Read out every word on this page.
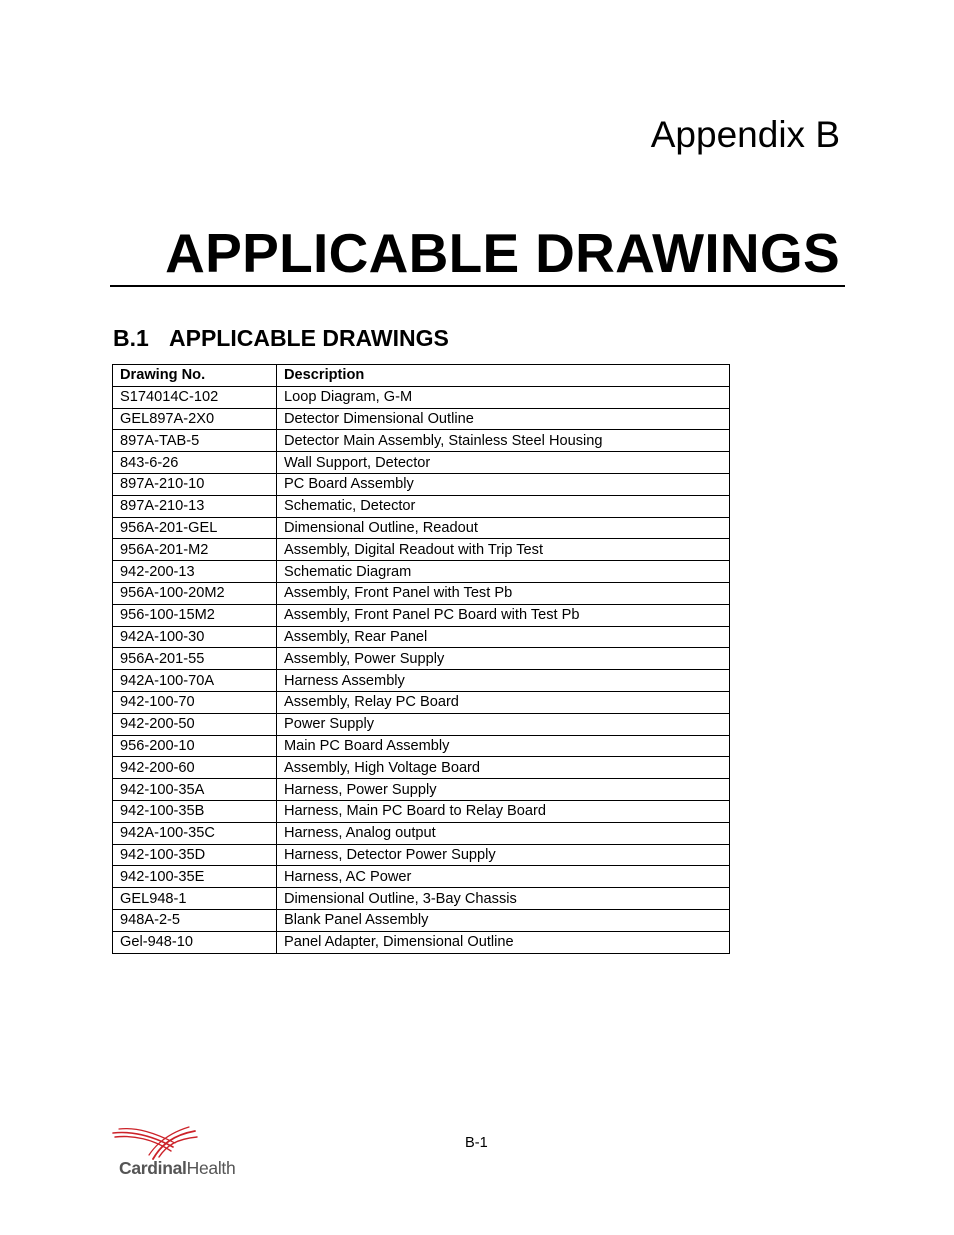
Appendix B
APPLICABLE DRAWINGS
B.1 APPLICABLE DRAWINGS
Drawing No.	Description
S174014C-102	Loop Diagram, G-M
GEL897A-2X0	Detector Dimensional Outline
897A-TAB-5	Detector Main Assembly, Stainless Steel Housing
843-6-26	Wall Support, Detector
897A-210-10	PC Board Assembly
897A-210-13	Schematic, Detector
956A-201-GEL	Dimensional Outline, Readout
956A-201-M2	Assembly, Digital Readout with Trip Test
942-200-13	Schematic Diagram
956A-100-20M2	Assembly, Front Panel with Test Pb
956-100-15M2	Assembly, Front Panel PC Board with Test Pb
942A-100-30	Assembly, Rear Panel
956A-201-55	Assembly, Power Supply
942A-100-70A	Harness Assembly
942-100-70	Assembly, Relay PC Board
942-200-50	Power Supply
956-200-10	Main PC Board Assembly
942-200-60	Assembly, High Voltage Board
942-100-35A	Harness, Power Supply
942-100-35B	Harness, Main PC Board to Relay Board
942A-100-35C	Harness, Analog output
942-100-35D	Harness, Detector Power Supply
942-100-35E	Harness, AC Power
GEL948-1	Dimensional Outline, 3-Bay Chassis
948A-2-5	Blank Panel Assembly
Gel-948-10	Panel Adapter, Dimensional Outline
B-1
CardinalHealth
